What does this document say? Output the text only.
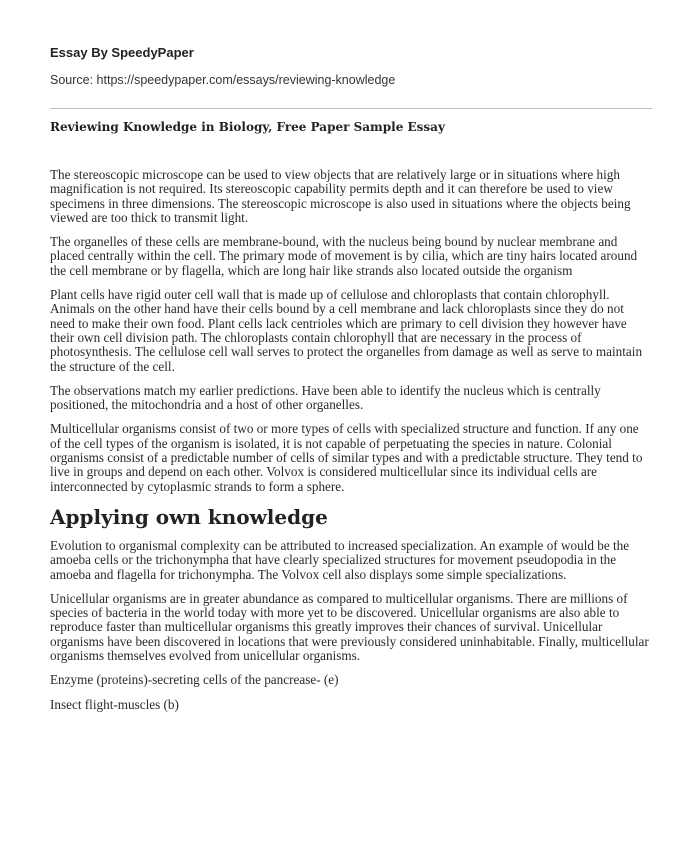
Essay By SpeedyPaper

Source: https://speedypaper.com/essays/reviewing-knowledge

Reviewing Knowledge in Biology, Free Paper Sample Essay

The stereoscopic microscope can be used to view objects that are relatively large or in situations where high magnification is not required. Its stereoscopic capability permits depth and it can therefore be used to view specimens in three dimensions. The stereoscopic microscope is also used in situations where the objects being viewed are too thick to transmit light.

The organelles of these cells are membrane-bound, with the nucleus being bound by nuclear membrane and placed centrally within the cell. The primary mode of movement is by cilia, which are tiny hairs located around the cell membrane or by flagella, which are long hair like strands also located outside the organism

Plant cells have rigid outer cell wall that is made up of cellulose and chloroplasts that contain chlorophyll. Animals on the other hand have their cells bound by a cell membrane and lack chloroplasts since they do not need to make their own food. Plant cells lack centrioles which are primary to cell division they however have their own cell division path. The chloroplasts contain chlorophyll that are necessary in the process of photosynthesis. The cellulose cell wall serves to protect the organelles from damage as well as serve to maintain the structure of the cell.

The observations match my earlier predictions. Have been able to identify the nucleus which is centrally positioned, the mitochondria and a host of other organelles.

Multicellular organisms consist of two or more types of cells with specialized structure and function. If any one of the cell types of the organism is isolated, it is not capable of perpetuating the species in nature. Colonial organisms consist of a predictable number of cells of similar types and with a predictable structure. They tend to live in groups and depend on each other. Volvox is considered multicellular since its individual cells are interconnected by cytoplasmic strands to form a sphere.

Applying own knowledge

Evolution to organismal complexity can be attributed to increased specialization. An example of would be the amoeba cells or the trichonympha that have clearly specialized structures for movement pseudopodia in the amoeba and flagella for trichonympha. The Volvox cell also displays some simple specializations.

Unicellular organisms are in greater abundance as compared to multicellular organisms. There are millions of species of bacteria in the world today with more yet to be discovered. Unicellular organisms are also able to reproduce faster than multicellular organisms this greatly improves their chances of survival. Unicellular organisms have been discovered in locations that were previously considered uninhabitable. Finally, multicellular organisms themselves evolved from unicellular organisms.

Enzyme (proteins)-secreting cells of the pancrease- (e)

Insect flight-muscles (b)
